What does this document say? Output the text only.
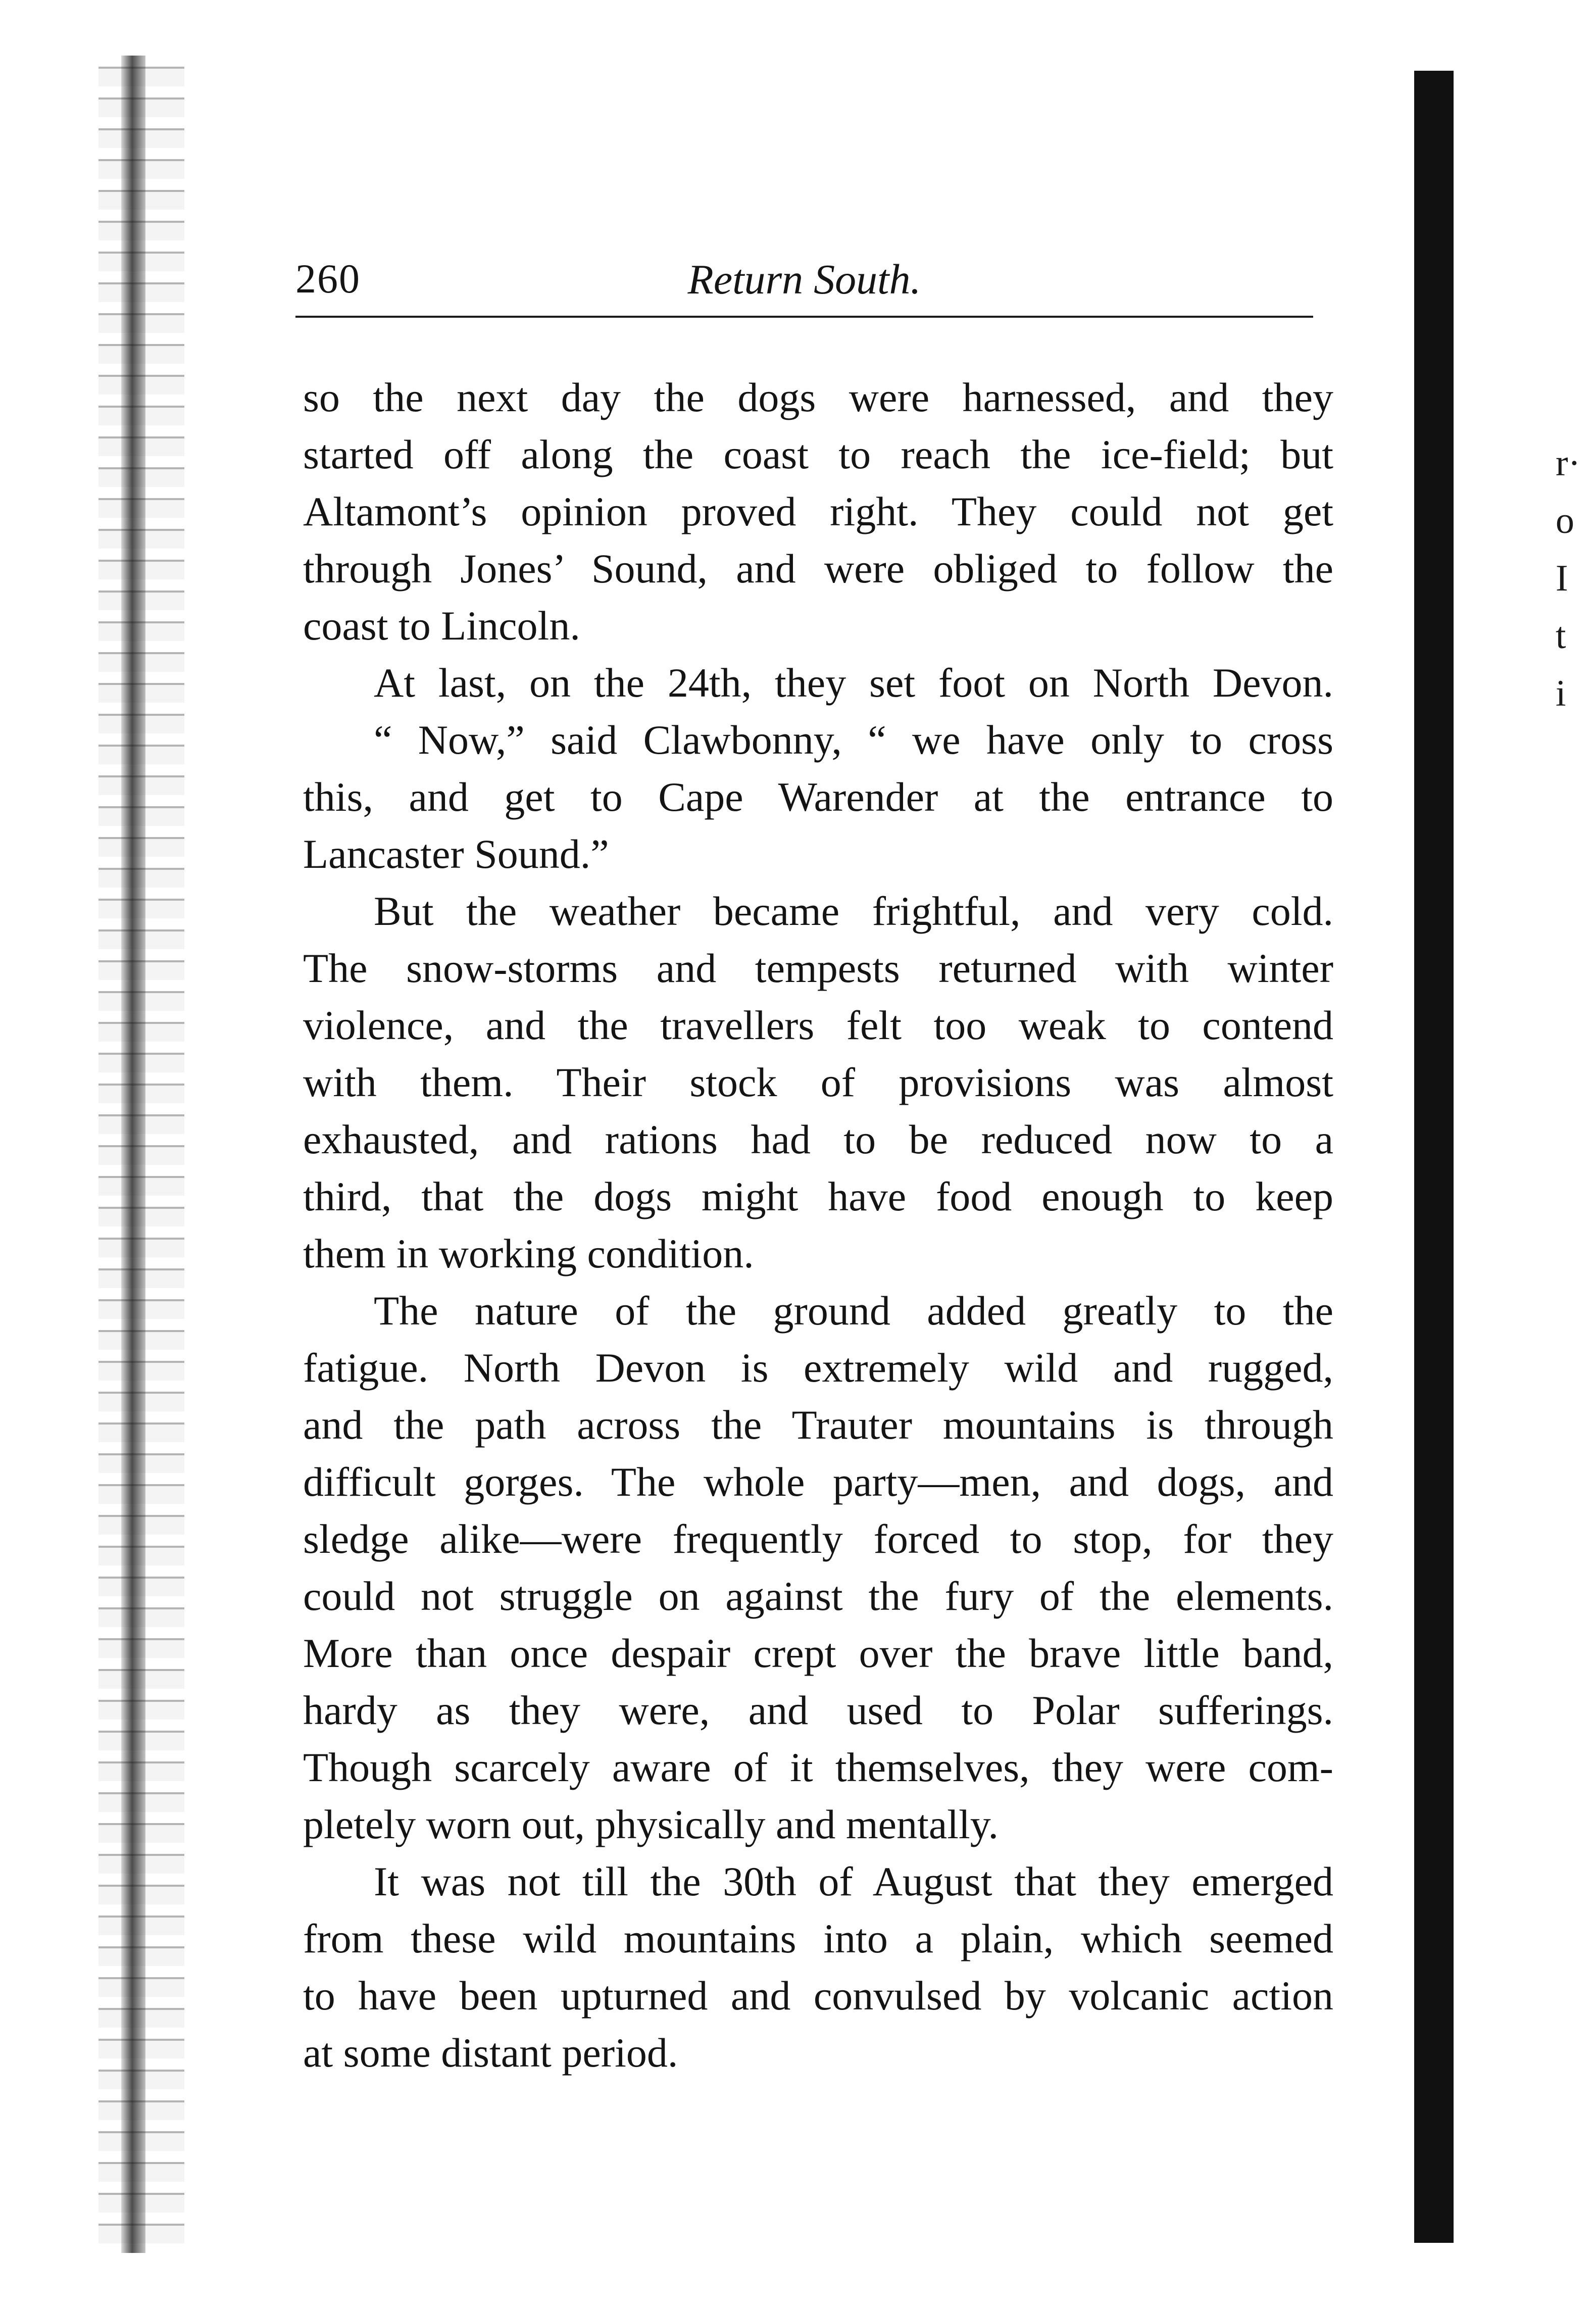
r·
o
I
t
i
260	Return South.
so the next day the dogs were harnessed, and they
started off along the coast to reach the ice-field; but
Altamont’s opinion proved right. They could not get
through Jones’ Sound, and were obliged to follow the
coast to Lincoln.
At last, on the 24th, they set foot on North Devon.
“ Now,” said Clawbonny, “ we have only to cross
this, and get to Cape Warender at the entrance to
Lancaster Sound.”
But the weather became frightful, and very cold.
The snow-storms and tempests returned with winter
violence, and the travellers felt too weak to contend
with them. Their stock of provisions was almost
exhausted, and rations had to be reduced now to a
third, that the dogs might have food enough to keep
them in working condition.
The nature of the ground added greatly to the
fatigue. North Devon is extremely wild and rugged,
and the path across the Trauter mountains is through
difficult gorges. The whole party—men, and dogs, and
sledge alike—were frequently forced to stop, for they
could not struggle on against the fury of the elements.
More than once despair crept over the brave little band,
hardy as they were, and used to Polar sufferings.
Though scarcely aware of it themselves, they were com-
pletely worn out, physically and mentally.
It was not till the 30th of August that they emerged
from these wild mountains into a plain, which seemed
to have been upturned and convulsed by volcanic action
at some distant period.
